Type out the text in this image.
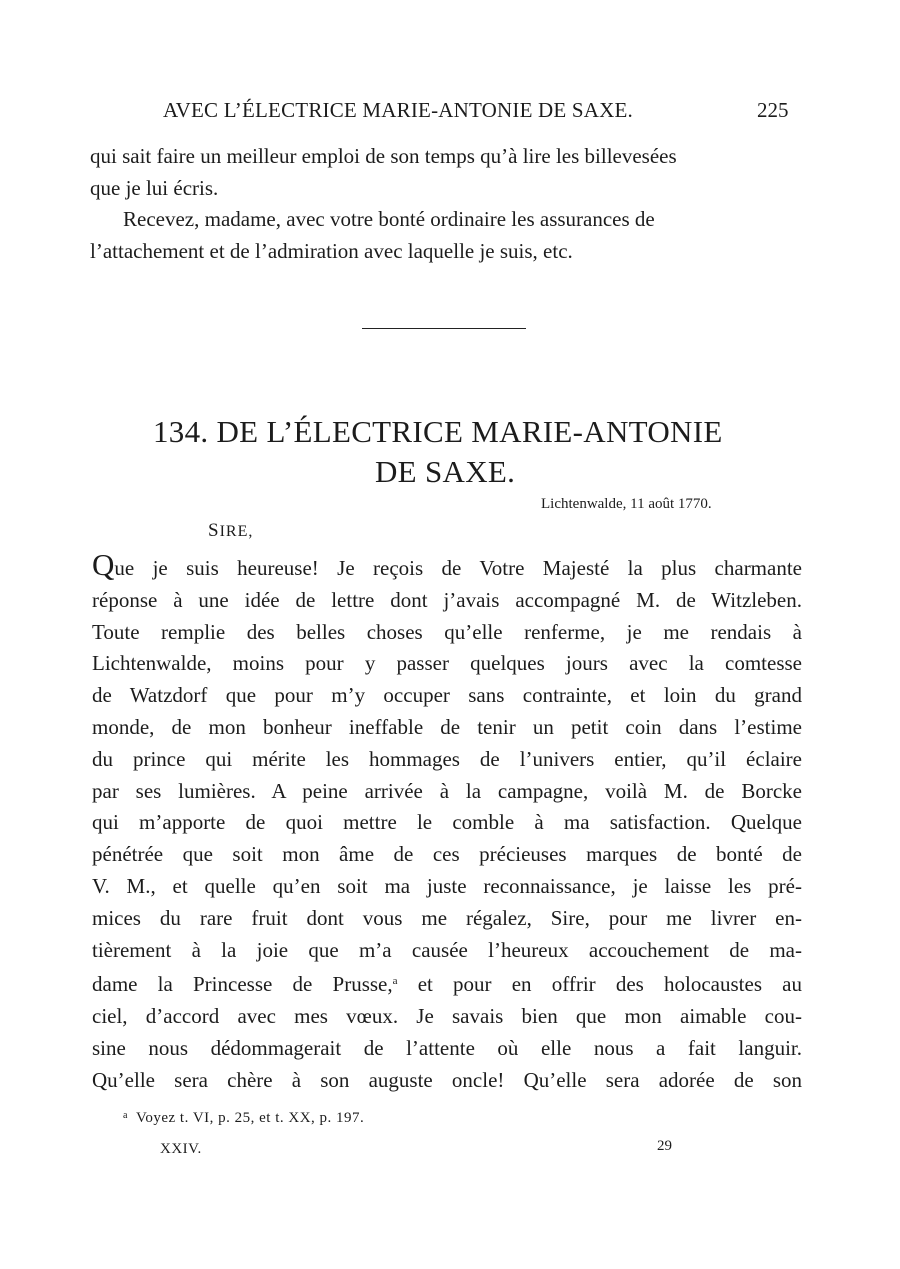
AVEC L’ÉLECTRICE MARIE-ANTONIE DE SAXE.	225
qui sait faire un meilleur emploi de son temps qu’à lire les billevesées
que je lui écris.
Recevez, madame, avec votre bonté ordinaire les assurances de
l’attachement et de l’admiration avec laquelle je suis, etc.
134. DE L’ÉLECTRICE MARIE-ANTONIE
DE SAXE.
Lichtenwalde, 11 août 1770.
SIRE,
Que je suis heureuse! Je reçois de Votre Majesté la plus charmante
réponse à une idée de lettre dont j’avais accompagné M. de Witzleben.
Toute remplie des belles choses qu’elle renferme, je me rendais à
Lichtenwalde, moins pour y passer quelques jours avec la comtesse
de Watzdorf que pour m’y occuper sans contrainte, et loin du grand
monde, de mon bonheur ineffable de tenir un petit coin dans l’estime
du prince qui mérite les hommages de l’univers entier, qu’il éclaire
par ses lumières. A peine arrivée à la campagne, voilà M. de Borcke
qui m’apporte de quoi mettre le comble à ma satisfaction. Quelque
pénétrée que soit mon âme de ces précieuses marques de bonté de
V. M., et quelle qu’en soit ma juste reconnaissance, je laisse les pré-
mices du rare fruit dont vous me régalez, Sire, pour me livrer en-
tièrement à la joie que m’a causée l’heureux accouchement de ma-
dame la Princesse de Prusse,$^a$ et pour en offrir des holocaustes au
ciel, d’accord avec mes vœux. Je savais bien que mon aimable cou-
sine nous dédommagerait de l’attente où elle nous a fait languir.
Qu’elle sera chère à son auguste oncle! Qu’elle sera adorée de son
$^a$ Voyez t. VI, p. 25, et t. XX, p. 197.
XXIV.	29
